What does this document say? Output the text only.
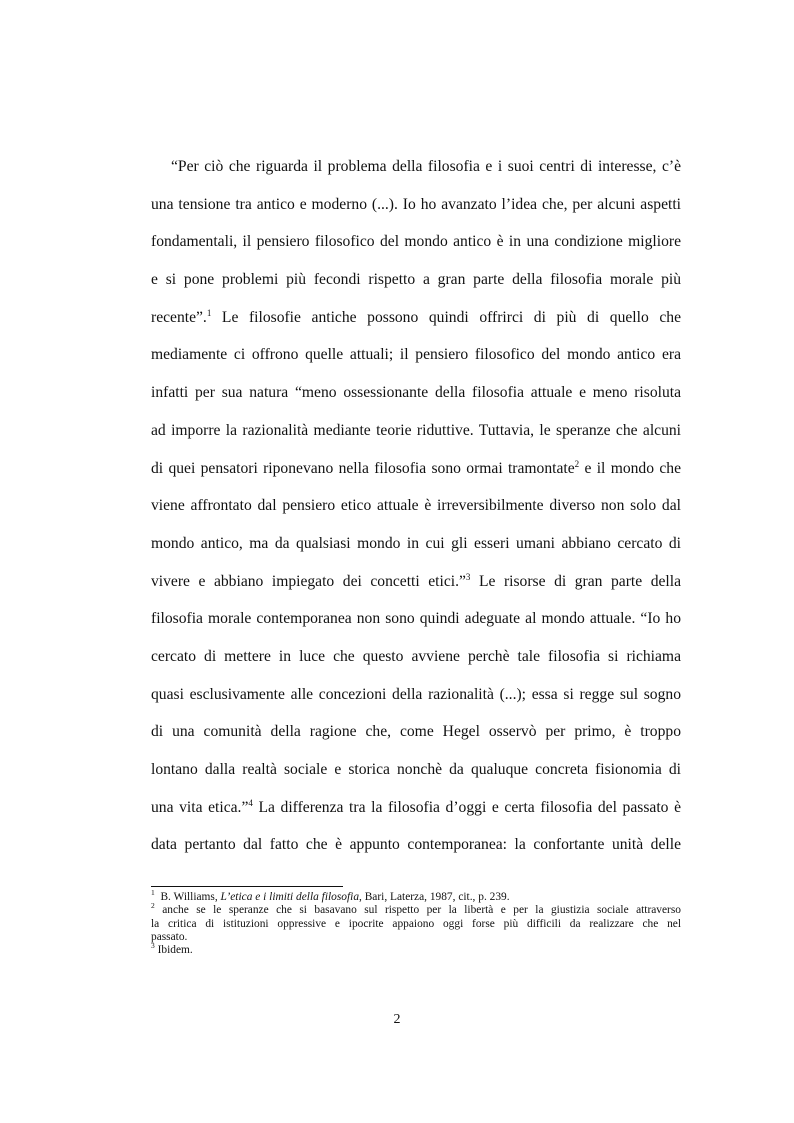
“Per ciò che riguarda il problema della filosofia e i suoi centri di interesse, c’è
una tensione tra antico e moderno (...). Io ho avanzato l’idea che, per alcuni aspetti
fondamentali, il pensiero filosofico del mondo antico è in una condizione migliore
e si pone problemi più fecondi rispetto a gran parte della filosofia morale più
recente”.$^1$ Le filosofie antiche possono quindi offrirci di più di quello che
mediamente ci offrono quelle attuali; il pensiero filosofico del mondo antico era
infatti per sua natura “meno ossessionante della filosofia attuale e meno risoluta
ad imporre la razionalità mediante teorie riduttive. Tuttavia, le speranze che alcuni
di quei pensatori riponevano nella filosofia sono ormai tramontate$^2$ e il mondo che
viene affrontato dal pensiero etico attuale è irreversibilmente diverso non solo dal
mondo antico, ma da qualsiasi mondo in cui gli esseri umani abbiano cercato di
vivere e abbiano impiegato dei concetti etici.”$^3$ Le risorse di gran parte della
filosofia morale contemporanea non sono quindi adeguate al mondo attuale. “Io ho
cercato di mettere in luce che questo avviene perchè tale filosofia si richiama
quasi esclusivamente alle concezioni della razionalità (...); essa si regge sul sogno
di una comunità della ragione che, come Hegel osservò per primo, è troppo
lontano dalla realtà sociale e storica nonchè da qualuque concreta fisionomia di
una vita etica.”$^4$ La differenza tra la filosofia d’oggi e certa filosofia del passato è
data pertanto dal fatto che è appunto contemporanea: la confortante unità delle
$^1$ B. Williams, L’etica e i limiti della filosofia, Bari, Laterza, 1987, cit., p. 239.
$^2$ anche se le speranze che si basavano sul rispetto per la libertà e per la giustizia sociale attraverso
la critica di istituzioni oppressive e ipocrite appaiono oggi forse più difficili da realizzare che nel
passato.
$^3$ Ibidem.
2
